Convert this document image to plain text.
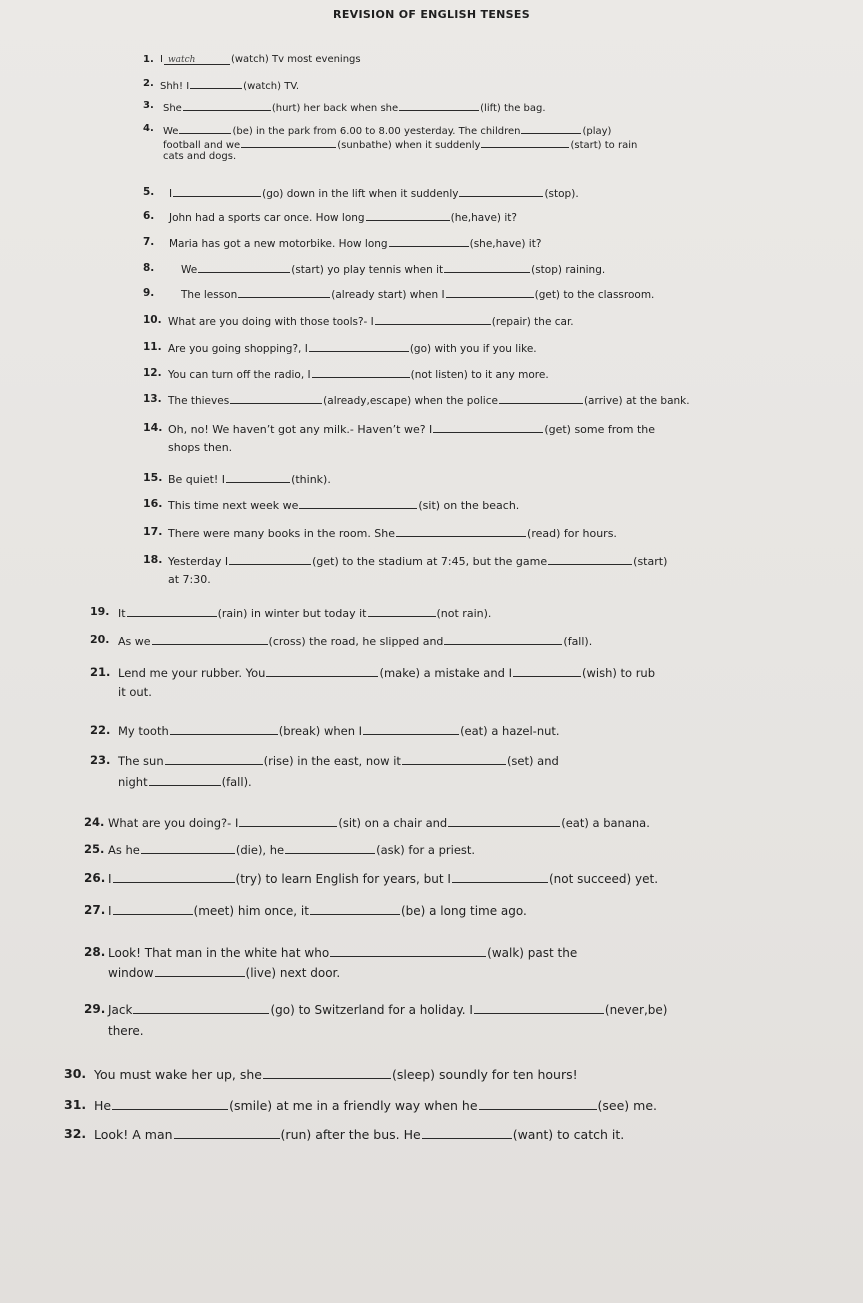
REVISION OF ENGLISH TENSES
1. I watch	(watch) Tv most evenings
2. Shh! I	(watch) TV.
3. She	(hurt) her back when she	(lift) the bag.
4. We	(be) in the park from 6.00 to 8.00 yesterday. The children	(play)
football and we	(sunbathe) when it suddenly	(start) to rain
cats and dogs.
5. I	(go) down in the lift when it suddenly	(stop).
6. John had a sports car once. How long	(he,have) it?
7. Maria has got a new motorbike. How long	(she,have) it?
8.	We	(start) yo play tennis when it	(stop) raining.
9.	The lesson	(already start) when I	(get) to the classroom.
10. What are you doing with those tools?- I	(repair) the car.
11. Are you going shopping?, I	(go) with you if you like.
12. You can turn off the radio, I	(not listen) to it any more.
13. The thieves	(already,escape) when the police	(arrive) at the bank.
14. Oh, no! We haven’t got any milk.- Haven’t we? I	(get) some from the
shops then.
15. Be quiet! I	(think).
16. This time next week we	(sit) on the beach.
17. There were many books in the room. She	(read) for hours.
18. Yesterday I	(get) to the stadium at 7:45, but the game	(start)
at 7:30.
19. It	(rain) in winter but today it	(not rain).
20. As we	(cross) the road, he slipped and	(fall).
21. Lend me your rubber. You	(make) a mistake and I	(wish) to rub
it out.
22. My tooth	(break) when I	(eat) a hazel-nut.
23. The sun	(rise) in the east, now it	(set) and
night	(fall).
24. What are you doing?- I	(sit) on a chair and	(eat) a banana.
25. As he	(die), he	(ask) for a priest.
26. I	(try) to learn English for years, but I	(not succeed) yet.
27. I	(meet) him once, it	(be) a long time ago.
28. Look! That man in the white hat who	(walk) past the
window	(live) next door.
29. Jack	(go) to Switzerland for a holiday. I	(never,be)
there.
30. You must wake her up, she	(sleep) soundly for ten hours!
31. He	(smile) at me in a friendly way when he	(see) me.
32. Look! A man	(run) after the bus. He	(want) to catch it.
